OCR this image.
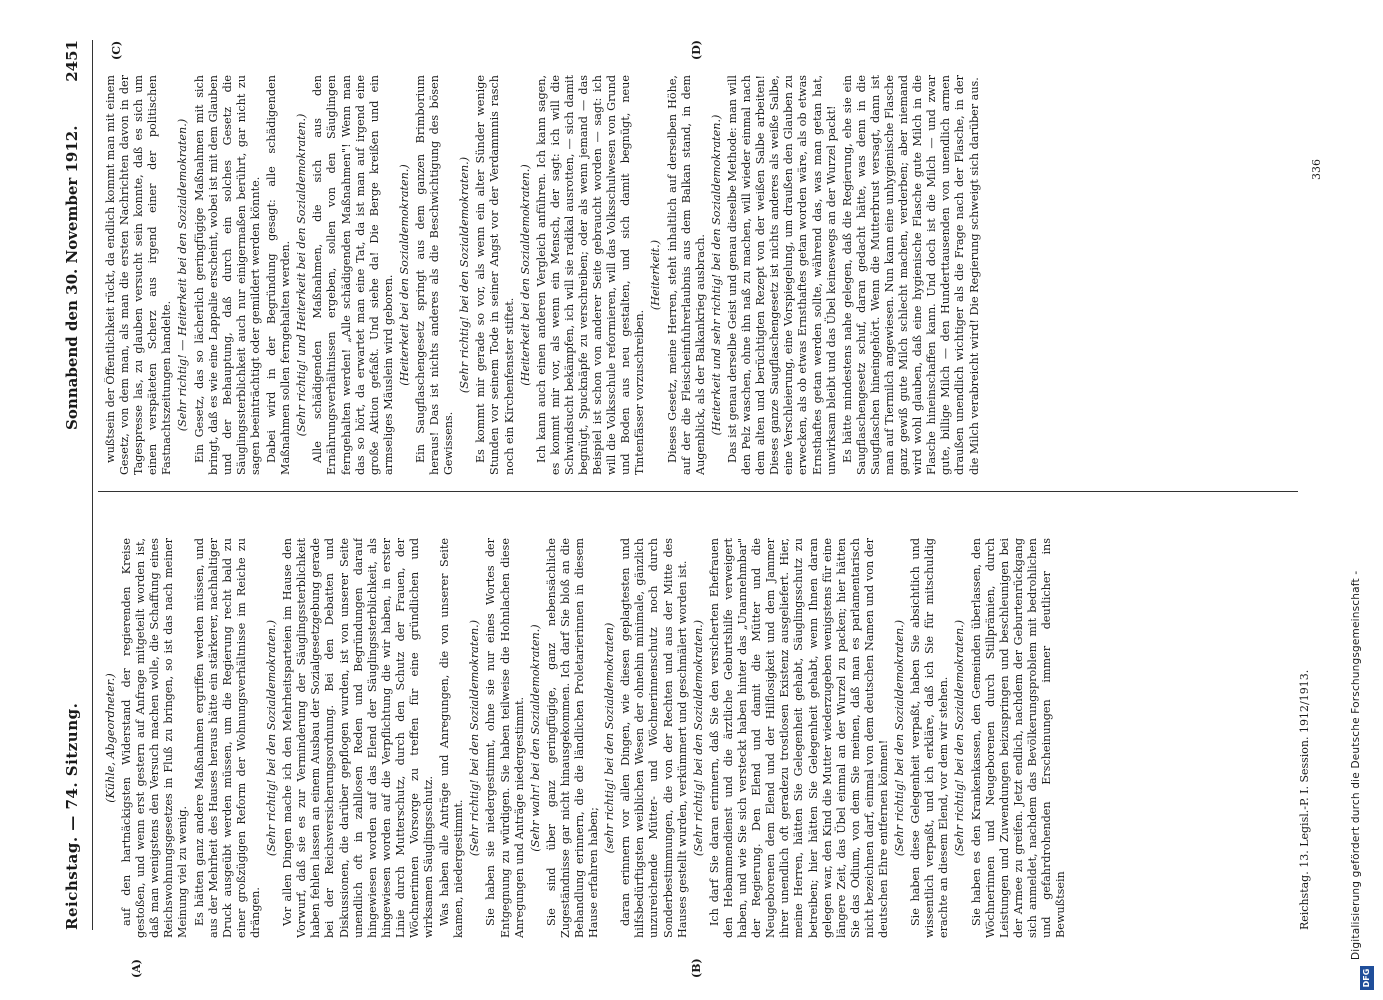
Reichstag. — 74. Sitzung.
Sonnabend den 30. November 1912.
2451
(A)	(B)
(C)	(D)
(Kühle, Abgeordneter.) auf den hartnäckigsten Widerstand der regierenden Kreise gestoßen, und wenn erst gestern auf Anfrage mitgeteilt worden ist, daß man wenigstens den Versuch machen wolle, die Schaffung eines Reichswohnungsgesetzes in Fluß zu bringen, so ist das nach meiner Meinung viel zu wenig. Es hätten ganz andere Maßnahmen ergriffen werden müssen, und aus der Mehrheit des Hauses heraus hätte ein stärkerer, nachhaltiger Druck ausgeübt werden müssen, um die Regierung recht bald zu einer großzügigen Reform der Wohnungsverhältnisse im Reiche zu drängen.
(Sehr richtig! bei den Sozialdemokraten.) Vor allen Dingen mache ich den Mehrheitsparteien im Hause den Vorwurf, daß sie es zur Verminderung der Säuglingssterblichkeit haben fehlen lassen an einem Ausbau der Sozialgesetzgebung gerade bei der Reichsversicherungsordnung. Bei den Debatten und Diskussionen, die darüber gepflogen wurden, ist von unserer Seite unendlich oft in zahllosen Reden und Begründungen darauf hingewiesen worden auf das Elend der Säuglingssterblichkeit, als hingewiesen worden auf die Verpflichtung die wir haben, in erster Linie durch Mutterschutz, durch den Schutz der Frauen, der Wöchnerinnen Vorsorge zu treffen für eine gründlichen und wirksamen Säuglingsschutz. Was haben alle Anträge und Anregungen, die von unserer Seite kamen, niedergestimmt.
(Sehr richtig! bei den Sozialdemokraten.) Sie haben sie niedergestimmt, ohne sie nur eines Wortes der Entgegnung zu würdigen. Sie haben teilweise die Hohnlachen diese Anregungen und Anträge niedergestimmt. (Sehr wahr! bei den Sozialdemokraten.) Sie sind über ganz geringfügige, ganz nebensächliche Zugeständnisse gar nicht hinausgekommen. Ich darf Sie bloß an die Behandlung erinnern, die die ländlichen Proletarierinnen in diesem Hause erfahren haben;
(sehr richtig! bei den Sozialdemokraten) daran erinnern vor allen Dingen, wie diesen geplagtesten und hilfsbedürftigsten weiblichen Wesen der ohnehin minimale, gänzlich unzureichende Mütter- und Wöchnerinnenschutz noch durch Sonderbestimmungen, die von der Rechten und aus der Mitte des Hauses gestellt wurden, verkümmert und geschmälert worden ist. (Sehr richtig! bei den Sozialdemokraten.) Ich darf Sie daran erinnern, daß Sie den versicherten Ehefrauen den Hebammendienst und die ärztliche Geburtshilfe verweigert haben, und wie Sie sich versteckt haben hinter das „Unannehmbar" der Regierung. Den Elend und damit die Mütter und die Neugeborenen dem Elend und der Hilflosigkeit und dem Jammer ihrer unendlich oft geradezu trostlosen Existenz ausgeliefert. Hier, meine Herren, hätten Sie Gelegenheit gehabt, Säuglingsschutz zu betreiben; hier hätten Sie Gelegenheit gehabt, wenn Ihnen daran gelegen war, den Kind die Mutter wiederzugeben wenigstens für eine längere Zeit, das Übel einmal an der Wurzel zu packen; hier hätten Sie das Odium, von dem Sie meinen, daß man es parlamentarisch nicht bezeichnen darf, einmal von dem deutschen Namen und von der deutschen Ehre entfernen können! (Sehr richtig! bei den Sozialdemokraten.) Sie haben diese Gelegenheit verpaßt, haben Sie absichtlich und wissentlich verpaßt, und ich erkläre, daß ich Sie für mitschuldig erachte an diesem Elend, vor dem wir stehen. (Sehr richtig! bei den Sozialdemokraten.) Sie haben es den Krankenkassen, den Gemeinden überlassen, den Wöchnerinnen und Neugeborenen durch Stillprämien, durch Leistungen und Zuwendungen beizuspringen und beschleunigen bei der Armee zu greifen. Jetzt endlich, nachdem der Geburtenrückgang sich anmeldet, nachdem das Bevölkerungsproblem mit bedrohlichen und gefahrdrohenden Erscheinungen immer deutlicher ins Bewußtsein
wußtsein der Öffentlichkeit rückt, da endlich kommt man mit einem Gesetz, von dem man, als man die ersten Nachrichten davon in der Tagespresse las, zu glauben versucht sein konnte, daß es sich um einen verspäteten Scherz aus irgend einer der politischen Fastnachtszeitungen handelte. (Sehr richtig! — Heiterkeit bei den Sozialdemokraten.) Ein Gesetz, das so lächerlich geringfügige Maßnahmen mit sich bringt, daß es wie eine Lappalie erscheint, wobei ist mit dem Glauben und der Behauptung, daß durch ein solches Gesetz die Säuglingssterblichkeit auch nur einigermaßen berührt, gar nicht zu sagen beeinträchtigt oder gemildert werden könnte. Dabei wird in der Begründung gesagt: alle schädigenden Maßnahmen sollen ferngehalten werden. (Sehr richtig! und Heiterkeit bei den Sozialdemokraten.) Alle schädigenden Maßnahmen, die sich aus den Ernährungsverhältnissen ergeben, sollen von den Säuglingen ferngehalten werden! „Alle schädigenden Maßnahmen"! Wenn man das so hört, da erwartet man eine Tat, da ist man auf irgend eine große Aktion gefaßt. Und siehe da! Die Berge kreißen und ein armseliges Mäuslein wird geboren. (Heiterkeit bei den Sozialdemokraten.) Ein Saugflaschengesetz springt aus dem ganzen Brimborium heraus! Das ist nichts anderes als die Beschwichtigung des bösen Gewissens.
(Sehr richtig! bei den Sozialdemokraten.) Es kommt mir gerade so vor, als wenn ein alter Sünder wenige Stunden vor seinem Tode in seiner Angst vor der Verdammnis rasch noch ein Kirchenfenster stiftet.
(Heiterkeit bei den Sozialdemokraten.) Ich kann auch einen anderen Vergleich anführen. Ich kann sagen, es kommt mir vor, als wenn ein Mensch, der sagt: ich will die Schwindsucht bekämpfen, ich will sie radikal ausrotten, — sich damit begnügt, Spucknäpfe zu verschreiben; oder als wenn jemand — das Beispiel ist schon von anderer Seite gebraucht worden — sagt: ich will die Volksschule reformieren, will das Volksschulwesen von Grund und Boden aus neu gestalten, und sich damit begnügt, neue Tintenfässer vorzuschreiben.
(Heiterkeit.) Dieses Gesetz, meine Herren, steht inhaltlich auf derselben Höhe, auf der die Fleischeinfuhrerlaubnis aus dem Balkan stand, in dem Augenblick, als der Balkankrieg ausbrach. (Heiterkeit und sehr richtig! bei den Sozialdemokraten.) Das ist genau derselbe Geist und genau dieselbe Methode: man will den Pelz waschen, ohne ihn naß zu machen, will wieder einmal nach dem alten und berüchtigten Rezept von der weißen Salbe arbeiten! Dieses ganze Saugflaschengesetz ist nichts anderes als weiße Salbe, eine Verschleierung, eine Vorspiegelung, um draußen den Glauben zu erwecken, als ob etwas Ernsthaftes getan worden wäre, als ob etwas Ernsthaftes getan werden sollte, während das, was man getan hat, unwirksam bleibt und das Übel keineswegs an der Wurzel packt! Es hätte mindestens nahe gelegen, daß die Regierung, ehe sie ein Saugflaschengesetz schuf, daran gedacht hätte, was denn in die Saugflaschen hineingehört. Wenn die Mutterbrust versagt, dann ist man auf Tiermilch angewiesen. Nun kann eine unhygienische Flasche ganz gewiß gute Milch schlecht machen, verderben; aber niemand wird wohl glauben, daß eine hygienische Flasche gute Milch in die Flasche hineinschaffen kann. Und doch ist die Milch — und zwar gute, billige Milch — den Hunderttausenden von unendlich armen draußen unendlich wichtiger als die Frage nach der Flasche, in der die Milch verabreicht wird! Die Regierung schweigt sich darüber aus.
Reichstag. 13. Legisl.-P. I. Session. 1912/1913.
336
Digitalisierung gefördert durch die Deutsche Forschungsgemeinschaft -
DFG
